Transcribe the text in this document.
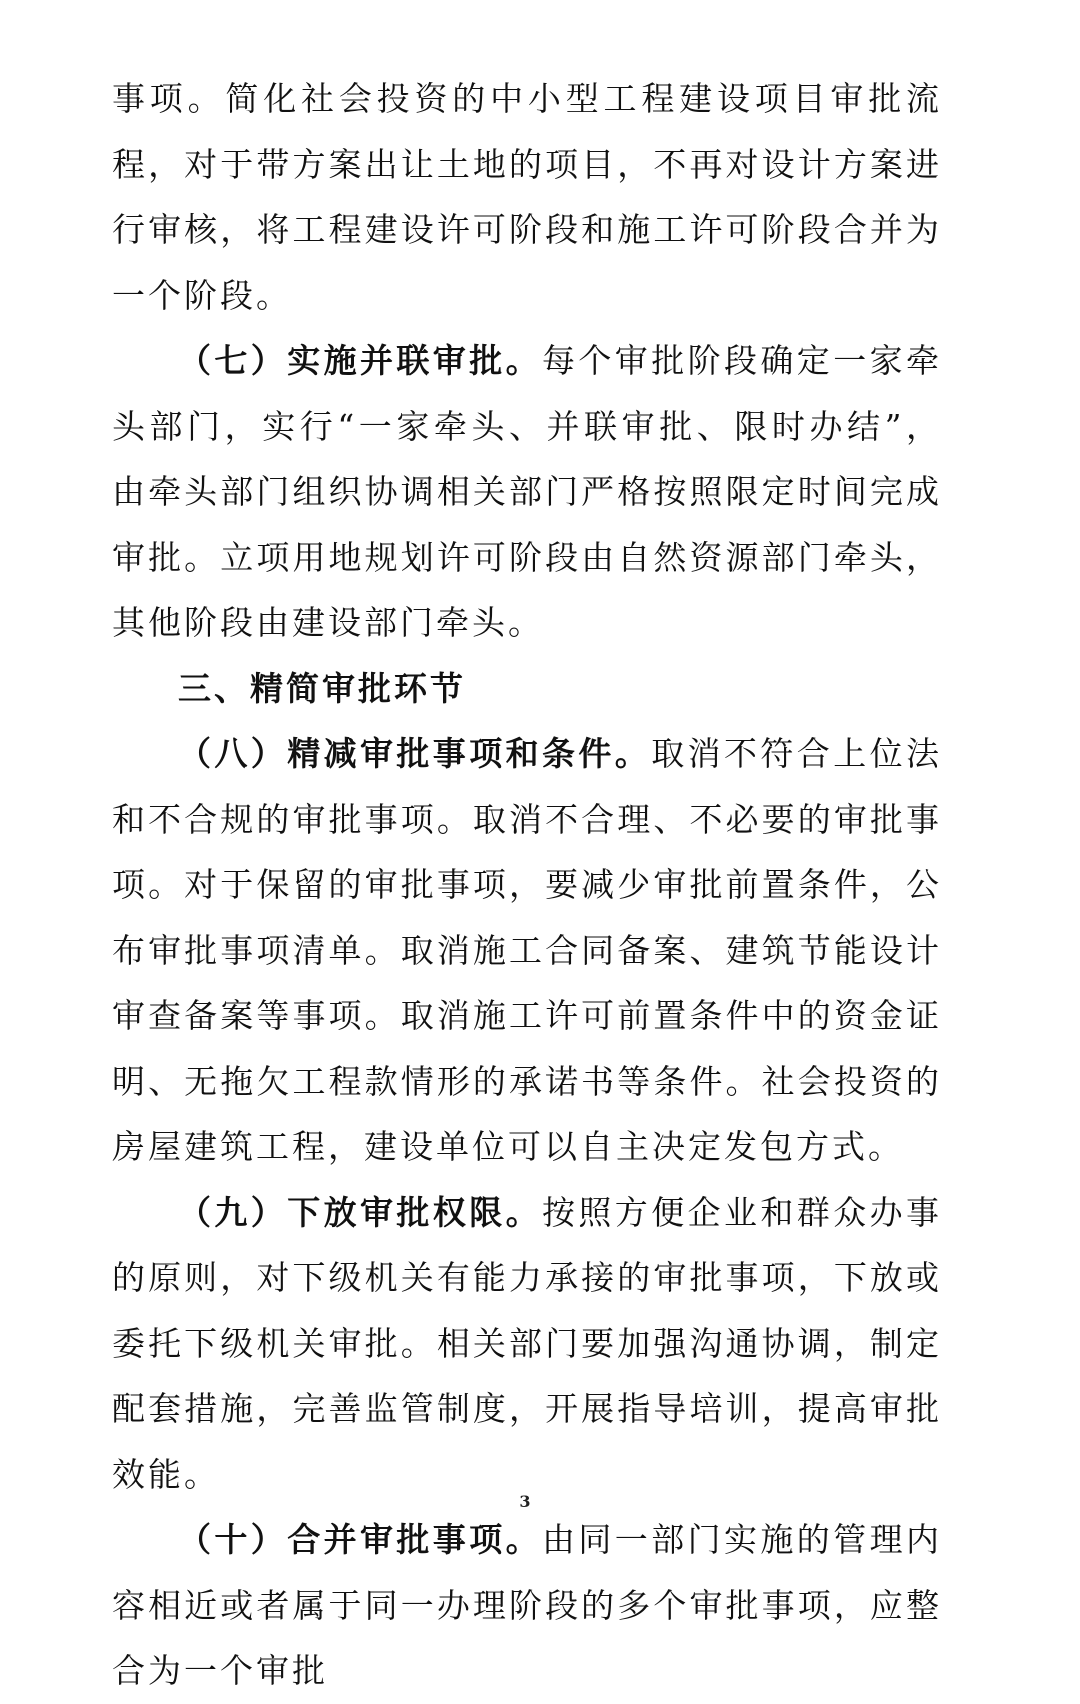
事项。简化社会投资的中小型工程建设项目审批流程，对于带方案出让土地的项目，不再对设计方案进行审核，将工程建设许可阶段和施工许可阶段合并为一个阶段。

（七）实施并联审批。每个审批阶段确定一家牵头部门，实行“一家牵头、并联审批、限时办结”，由牵头部门组织协调相关部门严格按照限定时间完成审批。立项用地规划许可阶段由自然资源部门牵头，其他阶段由建设部门牵头。

三、精简审批环节

（八）精减审批事项和条件。取消不符合上位法和不合规的审批事项。取消不合理、不必要的审批事项。对于保留的审批事项，要减少审批前置条件，公布审批事项清单。取消施工合同备案、建筑节能设计审查备案等事项。取消施工许可前置条件中的资金证明、无拖欠工程款情形的承诺书等条件。社会投资的房屋建筑工程，建设单位可以自主决定发包方式。

（九）下放审批权限。按照方便企业和群众办事的原则，对下级机关有能力承接的审批事项，下放或委托下级机关审批。相关部门要加强沟通协调，制定配套措施，完善监管制度，开展指导培训，提高审批效能。

（十）合并审批事项。由同一部门实施的管理内容相近或者属于同一办理阶段的多个审批事项，应整合为一个审批

3
